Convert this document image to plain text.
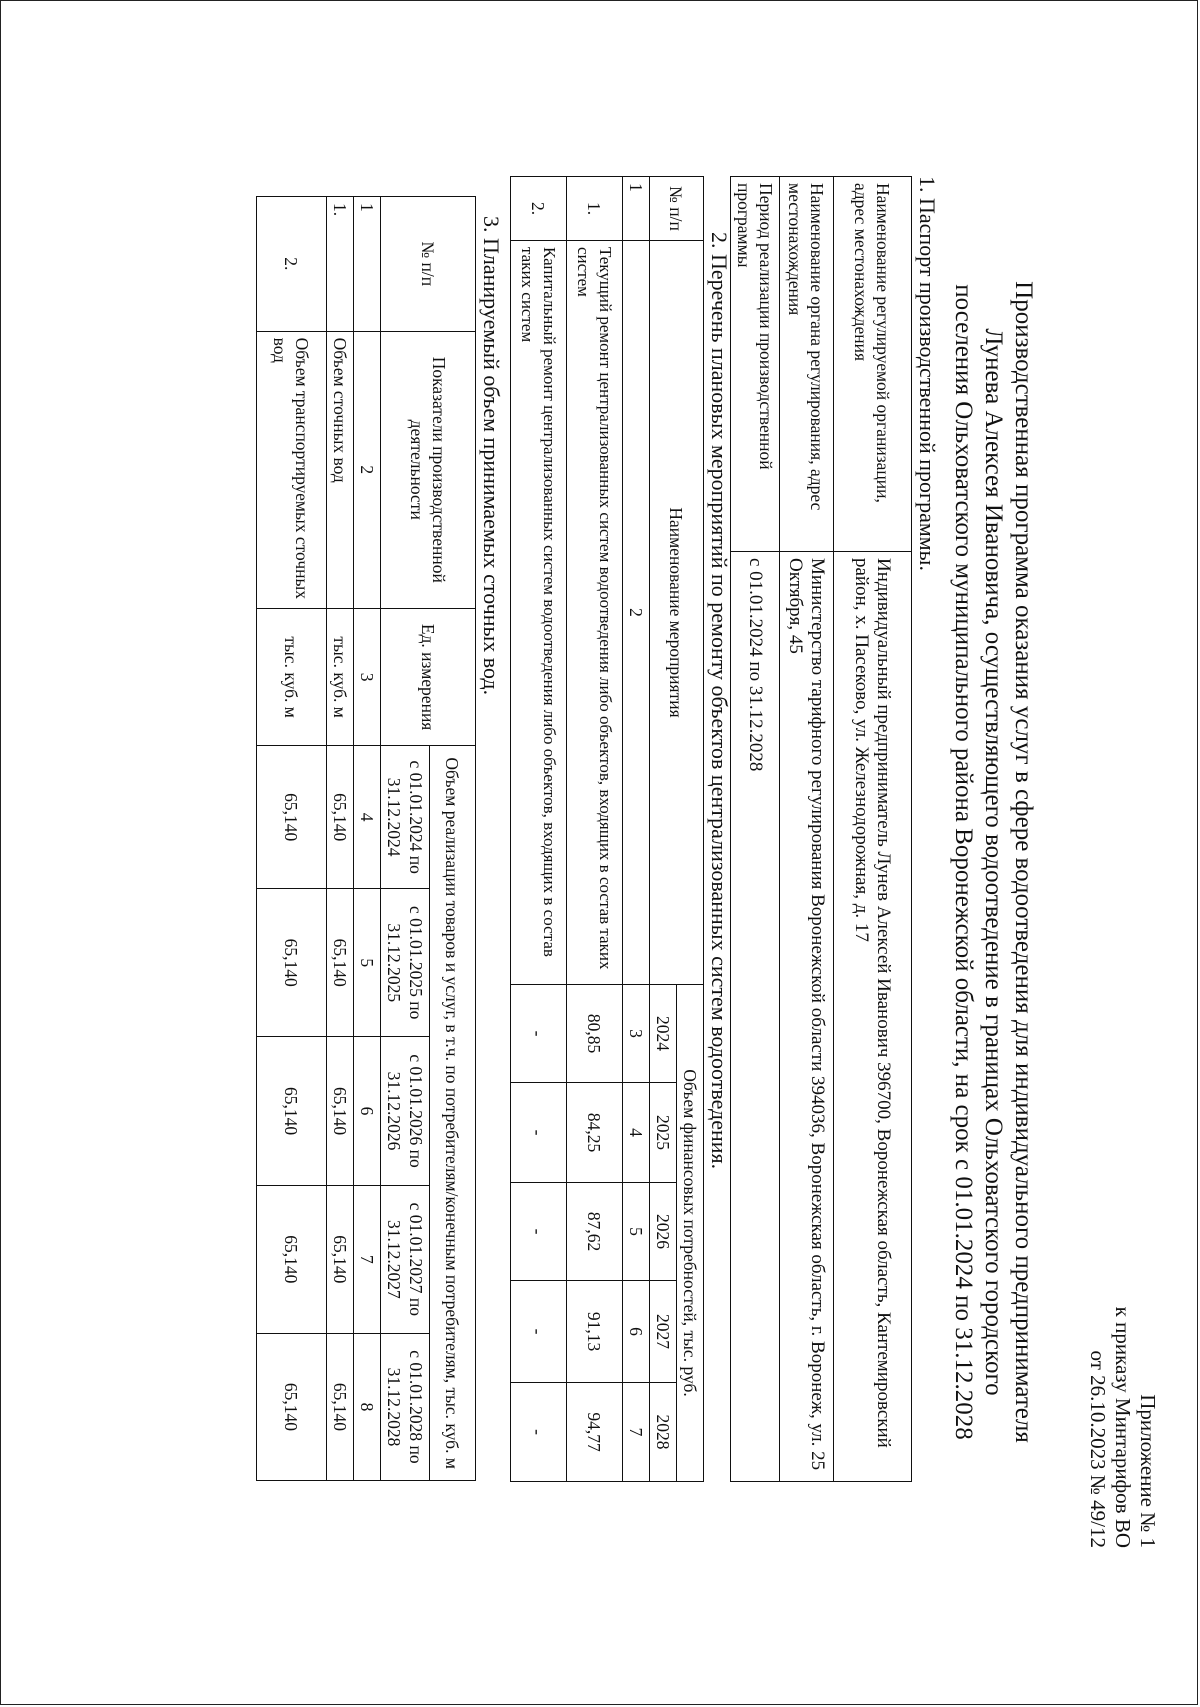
Приложение № 1
к приказу Минтарифов ВО
от 26.10.2023 № 49/12
Производственная программа оказания услуг в сфере водоотведения для индивидуального предпринимателя
Лунева Алексея Ивановича, осуществляющего водоотведение в границах Ольховатского городского
поселения Ольховатского муниципального района Воронежской области, на срок с 01.01.2024 по 31.12.2028

1. Паспорт производственной программы.

Наименование регулируемой организации, адрес местонахождения	Индивидуальный предприниматель Лунев Алексей Иванович 396700, Воронежская область, Кантемировский район, х. Пасеково, ул. Железнодорожная, д. 17
Наименование органа регулирования, адрес местонахождения	Министерство тарифного регулирования Воронежской области 394036, Воронежская область, г. Воронеж, ул. 25 Октября, 45
Период реализации производственной программы	с 01.01.2024 по 31.12.2028

2. Перечень плановых мероприятий по ремонту объектов централизованных систем водоотведения.

№ п/п	Наименование мероприятия	Объем финансовых потребностей, тыс. руб.				
		2024	2025	2026	2027	2028
1	2	3	4	5	6	7
1.	Текущий ремонт централизованных систем водоотведения либо объектов, входящих в состав таких систем	80,85	84,25	87,62	91,13	94,77
2.	Капитальный ремонт централизованных систем водоотведения либо объектов, входящих в состав таких систем	-	-	-	-	-

3. Планируемый объем принимаемых сточных вод.

№ п/п	Показатели производственной деятельности	Ед. измерения	Объем реализации товаров и услуг, в т.ч. по потребителям/конечным потребителям, тыс. куб. м				
			с 01.01.2024 по 31.12.2024	с 01.01.2025 по 31.12.2025	с 01.01.2026 по 31.12.2026	с 01.01.2027 по 31.12.2027	с 01.01.2028 по 31.12.2028
1	2	3	4	5	6	7	8
1.	Объем сточных вод	тыс. куб. м	65,140	65,140	65,140	65,140	65,140
2.	Объем транспортируемых сточных вод	тыс. куб. м	65,140	65,140	65,140	65,140	65,140
